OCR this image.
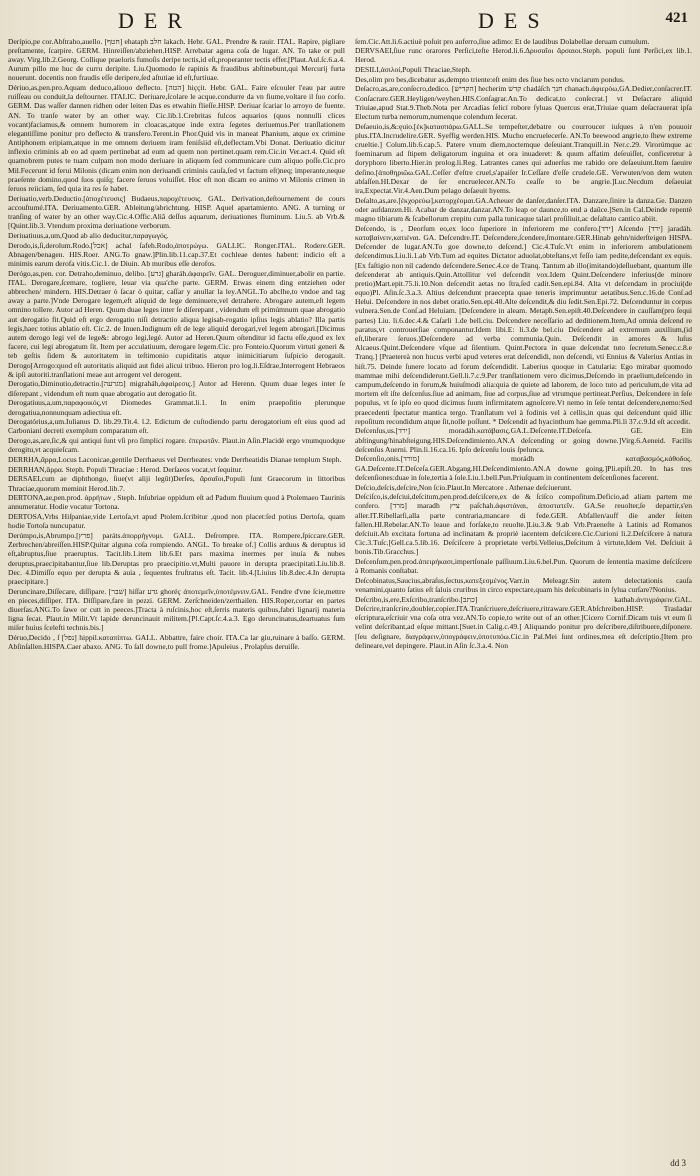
DER	DES	421

Derípio,pe cor.Abſtraho,auello. [חטף] ehataph חלב lakach. Hebr. GAL. Prendre & rauir. ITAL. Rapire, pigliare preſtamente, ſcarpire. GERM. Hinreiſſen/abziehen.HISP. Arrebatar agena coſa de lugar. AN. To take or pull away. Virg.lib.2.Georg. Collique praeloris fumoſis deripe tectis,id eſt,properanter tectis effer.[Plaut.Aul.ſc.6.a.4. Aurum pillo me huc de curru deripite. Liu.Quomodo ſe rapinis & fraudibus abſtinebunt,qui Mercurij furta nouerunt. docentis non fraudis eſſe deripere,ſed aſtutiae id eſt,furtiuae.

Dériuo,as,pen.pro.Aquam deduco,aliouo deflecto. [הטה] hiççit. Hebr. GAL. Faire eſcouler l'eau par autre ruiſſeau ou conduit,la deſtourner. ITALIC. Deriuare,ſcolare le acque.condurre da vn fiume,voltare il ſuo corſo. GERM. Das waſſer dannen ridhen oder leiten Das es etwahin flieſſe.HISP. Deriuar ſcariar lo arroyo de fuente. AN. To tranſe water by an other way. Cic.lib.1.Crebritas fulcos aquarios (quos nonnulli clices vocant)faciamus,& omnem humorem in cloacas,atque inde extra ſegetes deriuemus.Per tranſlationem elegantiſſime ponitur pro deflecto & transfero.Terent.in Phor.Quid vis in maneat Phanium, atque ex crimine Antiphonem eripiam,atque in me omnem deriuem iram feniſsiid eſt,deflectam.Vbi Donat. Deriuatio dicitur inflexio criminis ab eo ad quem pertinebat ad eum ad quem non pertinet.quam rem.Cic.in Ver.act.4. Quid eſt quamobrem putes te tuam culpam non modo deriuare in aliquem ſed communicare cum aliquo poſſe.Cic.pro Mil.Fecerunt id ferui Milonis (dicam enim non deriuandi criminis cauſa,ſed vt factum eſt)neq; imperante,neque praeſente domino,quod ſuos quiſq; facere ſeruos voluiſſet. Hoc eſt non dicam eo animo vt Milonis crimen in ſeruos reiiciam, ſed quia ita res ſe habet.

Deriuatio,verb.Deductio.[ἀποχέτευσις] Budaeus,παροχέτευσις. GAL. Derivation,deſtournement de cours accouſtumé.ITA. Deriuamento.GER. Ableitung/abrichtung. HISP. Aquel apartamiento. ANG. A turning or tranſing of water by an other way.Cic.4.Offic.Aliâ deſſus aquarum, deriuationes fluminum. Liu.5. ab Vrb.&[Quint.lib.3. Vtendum proxima deriuatione verborum.

Deriuatiuus,a,um,Quod ab alio deducitur,παραγωγός.

Derodo,is,ſi,derolum.Rodo.[אכל] achal ſafeh.Rodo,ἀποτρώγω. GALLIC. Ronger.ITAL. Rodere.GER. Abnagen/benagen. HIS.Roer. ANG.To gnaw.]Plin.lib.11.cap.37.Et cochleae dentes habent: indicio eſt a minimis earum derofa vitis.Cic.1. de Diuin. Ab muribus eſſe derofos.

Derógo,as,pen. cor. Detraho,deminuo, delibo. [גרע] gharáh.ἀφαιρεῖν. GAL. Deroguer,diminuer,abolir en partie. ITAL. Derogare,ſcemare, togliere, leuar via qua'che parte. GERM. Etwas einem ding entziehen oder abbrechen/ mindern. HIS.Detraer ò ſacar ò quitar, caſſar y anullar la ley.ANGL.To abclhe,to vndoe and tag away a parte.]Vnde Derogare legem,eft aliquid de lege deminuere,vel detrahere. Abrogare autem,eſt legem omnino tollere. Autor ad Heren. Quum duae leges inter ſe diſerepant , videndum eſt primúmnum quae abrogatio aut derogatio fit.Quid eſt ergo derogatio niſi detractio aliqua legisab-rogatio ipſius legis ablatio? Illa partis legis,haec totius ablatio eſt. Cic.2. de Inuen.Indignum eſt de lege aliquid derogari,vel legem abrogari.[Dicimus autem derogo legi vel de lege&: abrogo legi,legé. Autor ad Heren.Quum oſtenditur id factu eſſe,quod ex lex facere, cui legi abrogatum ſit. Item per acculatiuum, derogare legem.Cic. pro Fonteio.Quorum virtuti generi & teb geſtis ſidem & autoritatem in teſtimonio cupiditatis atque inimicitiarum ſuſpicio derogauit. Derogo[Arrogo:quod eſt autoritatis aliquid aut fidei alicui tribuo. Hieron pro log.li.Eſdrae,Interrogent Hebraeos & ipſi autoriti.tranſlationi meae aut arrogent vel derogent.

Derogatio,Diminutio,detractio.[מגרעה] migraháh,ἀφαίρεσις.] Autor ad Herenn. Quum duae leges inter ſe diſerepant , videndum eſt num quae abrogatio aut derogatio ſit.

Derogatiuus,a,um,παραφοικός,vt Diomedes Grammat.li.1. In enim praepoſitio plerunque derogatiua,nonnunquam adiectiua eſt.

Derogatórius,a,um.Iulianus D. lib.29.Tit.4. l.2. Edictum de cuſtodiendo partu derogatorium eſt eius quod ad Carbonianí decreti exemplum comparatum eſt.

Derogo,as,are,ſic,& qui antiqui ſunt vſi pro ſimplici rogare. ἐπερωτᾶν. Plaut.in Aſin.Placidè ergo vnumquodque derogitu,vt acquieſcam.

DERRHA,ἄρρα,Locus Laconicae,gentile Derrhaeus vel Derrheates: vnde Derrheatidis Dianae templum Steph.

DERRHAN,ἄρρα. Steph. Populi Thraciae : Herod. Derſaeos vocat,vt ſequitur.

DERSAEI,cum ae diphthongo, ſiue(vt aliji legût)Derſes, ἄρσαῖοι,Populi ſunt Graecorum in littoribus Thraciae,quorum meminit Herod.lib.7.

DERTONA,ae,pen.prod. ἀρρήτων , Steph. Inſubriae oppidum eſt ad Padum fluuium quod à Ptolemaeo Taurinis annumeratur. Hodie vocatur Tortona.

DERTOSA,Vrbs Hiſpaniae,vide Lertoſa,vt apud Ptolem.ſcribitur ,quod non placet:ſed potius Dertoſa, quam hodie Tortoſa nuncupatur.

Derúmpo,is,Abrumpo.[פרץ] paráts.ἀπορρήγνυμι. GALL. Deſrompre. ITA. Rompere,ſpiccare.GER. Zerbrechen/abreiſſen.HISP.Quitar alguna coſa rompiendo. ANGL. To breake of.] Collis arduus & deruptus id eſt,abruptus,ſiue praeruptus. Tacit.lib.1.item lib.6.Et pars maxima inermes per inuia & nubes deruptus,praecipitabantur,ſiue lib.Deruptas pro praecipitio.vt,Multi pauore in derupta praecipitati.Liu.lib.8. Dec. 4.Dimiſſo equo per derupta & auia , ſequentes fruſtratus eſt. Tacit. lib.4.[Liuius lib.8.dec.4.In derupta praecipitare.]

Deruncinare,Diſſecare, diſſipare. [שבר] hiſſar גדע ghoréç ἀποτεμεῖν,ὑποτέμνειν.GAL. Fendre d'vne ſcie,mettre en pieces,diſſiper. ITA. Diſſipare,fare in pezzi. GERM. Zerſchneiden/zerthailen. HIS.Roper,cortar en partes diuerſas.ANG.To ſawe or cutt in peeces.]Tracta à ruſcinis,hoc eſt,ſerris materis quibus,fabri lignarij materia ligna ſecat. Plaut.in Milit.Vt lapide deruncinauit militem.[Pl.Capt.ſc.4.a.3. Ego deruncinatus,deartuatus ſum miſer huius ſcelefti technis.bis.]

Déruo,Decido , ſ [נפל] hippil.καταπίπτω. GALL. Abbattre, faire choir. ITA.Ca lar giu,ruinare à baſſo. GERM. Abſinſallen.HISPA.Caer abaxo. ANG. To ſall downe,to pull frome.]Apuleius , Prolapſus deruiſſe.

ſem.Cic.Att.li.6.actiuè poſuit pro auferro,ſiue adimo: Et de laudibus Dolabellae deruam cumulum.

DERVSAEI,ſiue runc orarores Perſici,teſte Herod.li.6.Δρυσαῖοι ἄρσαιοι.Steph. populi ſunt Perſici,ex lib.1. Herod.

DESILI,ἀσιλοί,Populi Thraciae,Steph.

Des,olim pro bes,dicebatur as,dempto triente:eſt enim des ſiue bes octo vnciarum pondus.

Deſacro,as,are,conſecro,dedico. [הקדיש] hecherim קדש chadáſch חנך chanach.ἀφιερόω,GA.Dedier,conſacrer.IT. Conſacrare.GER.Heyligen/weyhen.HIS.Conſagrar.An.To dedicat,to conſecrat.] vt Deſacrare aliquid Triuiae,apud Stat.9.Theb.Nota per Arcadias ſelicí robore ſyluas Quercus erat,Triuiae quam deſacrauerat ipſa Electum turba nemorum,numenque colendum ſecerat.

Deſaeuio,is,&:ęuio.[ἐκ]κατασπάρω.GALL.Se tempeſter,debatre ou courroucer iuſques à n'en pouuoir plus.ITA.Incrudelire.GER. Syeffig werden.HIS. Mucho encruelecerſe. AN.To beewood angrie,to ſhew extreme crueltie.] Colum.lib.6.cap.5. Patere vnum diem,noctemque deſeuiant.Tranquill.in Ner.c.29. Virorúmque ac foeminarum ad ſtipem deligatorum inguina et ora inuaderet: & quum affatim deſeuiſſet, conficeretur à doryphoro liberto.Hier.in prolog.li.Reg. Latrantes canes qui aduerſus me rabido ore deſaeuiunt.Item ſaeuire deſino.[ἀποθηριῶω.GAL.Ceſſer d'eſtre cruel,s'apaiſer Ir.Ceſſare d'eſſe crudele.GE. Verwuten/von dem wuten abſaſſen.HI.Dexar de ſer encruelecer.AN.To ceaſſe to be angrie.]Luc.Necdum deſaeuiat ira,Expectat.Vir.4.Aen.Dum pelago deſaeuit hyems.

Deſalto,as,are.[ἐκχορεύω],κατορχέομαι.GA.Acheuer de danſer,danſer.ITA. Danzare,ſinire la danza.Ge. Danzen oder aufdanzen.Hi. Acabar de danzar,danzar.AN.To leap or daunce,to end a daûce.]Sen.in Cal.Deinde repentè magno tibiarum & ſcabellorum crepitu cum palla tunicaque talari proſiliuit,ac deſaltato cantico abiit.

Deſcendo, is , Deorſum eo,ex loco ſuperiore in inferiorem me confero.[ירד] Aſcendo [ירד] jaradáh. καταβαίνειν,κατιέναι. GA. Deſcendre.IT. Deſcendere,ſcendere,ſmontare.GER.Hinab gehn/niderſteigen HISPA. Deſcender de lugar.AN.To goe downe,to deſcend.] Cic.4.Tuſc.Vt enim in inferiorem ambulationem deſcendimus.Liu.li.1.ab Vrb.Tum ad equites Dictator aduolat,obteſtans,vt feſſo iam pedite,deſcendant ex equis.[Ex faſtigio non nil cadendo deſcendere.Senec.4.ce de Tranq. Tantum ab illo(imitando)deſluebant, quantum ille deſcenderat ab antiquis.Quin.Attollitur vel deſcendit vox.Idem Quint.Deſcendere inferius(de minore pretio)Mart.epit.75.li.10.Non deſcendit aetas no ſtra,ſed cadit.Sen.epi.84. Alta vt deſcendam in prociui(de equo)Pl. Aſin.ſc.3.a.3. Altius deſcendunt praecepta quae teneris imprimuntur aetatibus.Sen.c.16.de Conſ.ad Helui. Deſcendere in nos debet oratio.Sen.epi.40.Alte deſcendit,& diu ſedit.Sen.Epi.72. Deſcenduntur in corpus vulnera.Sen.de Conſ.ad Heluiam. [Deſcendere in aleam. Metaph.Sen.epiſt.40.Deſcendere in cauſſam(pro ſequi partes) Liu. li.6.dec.4.& Caſarli 1.de bell.ciu. Deſcendere neceſſario ad deditionem.Item,Ad omnia deſcend re paratus,vt controuerſiae componantur.Idem libi.E: li.3.de bel.ciu Deſcendere ad extremum auxilium,(id eſt,liberare ſeruos.)Deſcendere ad verba communia.Quin. Deſcendit in amores & luſus Alcaeus.Quint.Deſcendere vſque ad ſilentium. Quint.Pectora in quae deſcendat tuto ſecretum.Senec.c.8.e Tranq.] [Praetereà non hucus verbi apud veteres erat deſcendidi, non deſcendi, vti Ennius & Valerius Antias in hiſt.75. Deinde ſunere locato ad forum deſcendidit. Laberius quoque in Catularia: Ego mirabar quomodo mammae mihi deſcendiderunt.Gell.li.7.c.9.Per tranſlationem vero dicimus,Deſcendo in praelium,deſcendo in campum,deſcendo in forum,& huiuſmodi alia:quia de quiete ad laborem, de loco tuto ad periculum,de vita ad mortem eſt iſte deſcenſus.ſiue ad animam, ſiue ad corpus,ſiue ad vtrumque pertineat.Perſius, Deſcendere in ſeſe populus, vt ſe ipſo eo quod dicimus ſuum infirmitatem agnoſcere.Vt nemo in ſeſe tentat deſcendere,nemo:Sed praecedenti ſpectatur mantica tergo. Tranſlatum vel à fodinis vel à cellis,in quas qui deſcendunt quid illic repoſitum recondidum atque ſit,nolle poſſunt. * Deſcendit ad hyacinthum hae gemma.Pli.li 37.c.9.Id eſt accedit.

Deſcenſus,us.[ירד] moradáh.κατάβασις.GA.L.Deſcente.IT.Deſceſa. GE. Ein abſtingung/hinabſteigung.HIS.Deſcendimiento.AN.A deſcending or going downe.]Virg.6.Aeneid. Facilis deſcenſus Auerni. Plin.li.16.ca.16. Ipſo deſcenſu louis ſpelunca.

Deſcenſio,onis.[מורד] morádh καταβασμός,κάθοδος. GA.Deſcente.IT.Deſceſa.GER.Abgang.HI.Deſcendimiento.AN.A downe going.]Pli.epiſt.20. In has tres deſcenſiones:duae in ſole,tertia à ſole.Liu.1.bell.Pun.Priuſquam in continentem deſcenſiones facerent.

Deſcio,deſcis,deſcire,Non ſcio.Plaut.In Mercatore . Athenae deſciuerunt.

Deſciſco,is,deſciui,deſcitum,pen.prod.deſciſcere,ex de & ſciſco compoſitum.Deficio,ad aliam partem me confero. [מרד] maradh ציץ paſchah.ἀφιστάναι, ἀποστατεῖν. GA.Se reuolter,ſe departir,s'en aller.IT.Ribellarſi,alla parte contraria,mancare di fede.GER. Abfallen/auff die ander ſeiten fallen.HI.Rebelar.AN.To leaue and forſake,to reuolte.]Liu.3.& 9.ab Vrb.Praeneſte à Latinis ad Romanos deſciuit.Ab excitata fortuna ad inclinatam & propriè iacentem deſciſcere.Cic.Curioni li.2.Deſciſcere à natura Cic.3.Tuſc.[Gell.ca.5.lib.16. Deſciſcere à proprietate verbi.Velleius,Deſcitum à virtute,Idem Vel. Deſciuit à bonis.Tib.Gracchus.]

Deſcenſum,pen.prod.ἀπειρήκασι,impertſonale paſſiuum.Liu.6.bel.Pun. Quorum de ſententia maxime deſciſcere à Romanis conſtabat.

Deſcobinatus,Saucius,abraſus,ſectus,κατεξεσμένος.Varr.in Meleagr.Sin autem delectationis cauſa venamini,quanto ſatius eſt ſaluis cruribus in circo expectare,quam his deſcobinaris in ſylua curſare?Nonius.

Deſcribo,is,ere,Exſcribo,tranſcribo.[כתב] kathab.ἀντιγράφειν.GAL. Deſcrire,tranſcrire,doubler,copier.ITA.Tranſcriuere,deſcriuere,ritraware.GER.Abſchreiben.HISP. Trasladar eſcriptura,eſcriuir vna coſa otra vez.AN.To copie,to write out of an other.]Cicero Cornif.Dicam tuis vt eum ſi velint deſcribant,ad eſque mittant.[Suet.in Calig.c.49.] Aliquando ponitur pro deſcribere,diſtribuere,diſponere.[ſeu deſignare, διαγράφειν,ὑπογράφειν,ὑποτυπόω.Cic.in Pal.Mei ſunt ordines,mea eſt deſcriptio.[Item pro delineare,vel depingere. Plaut.in Aſin ſc.3.a.4. Non

dd 3
